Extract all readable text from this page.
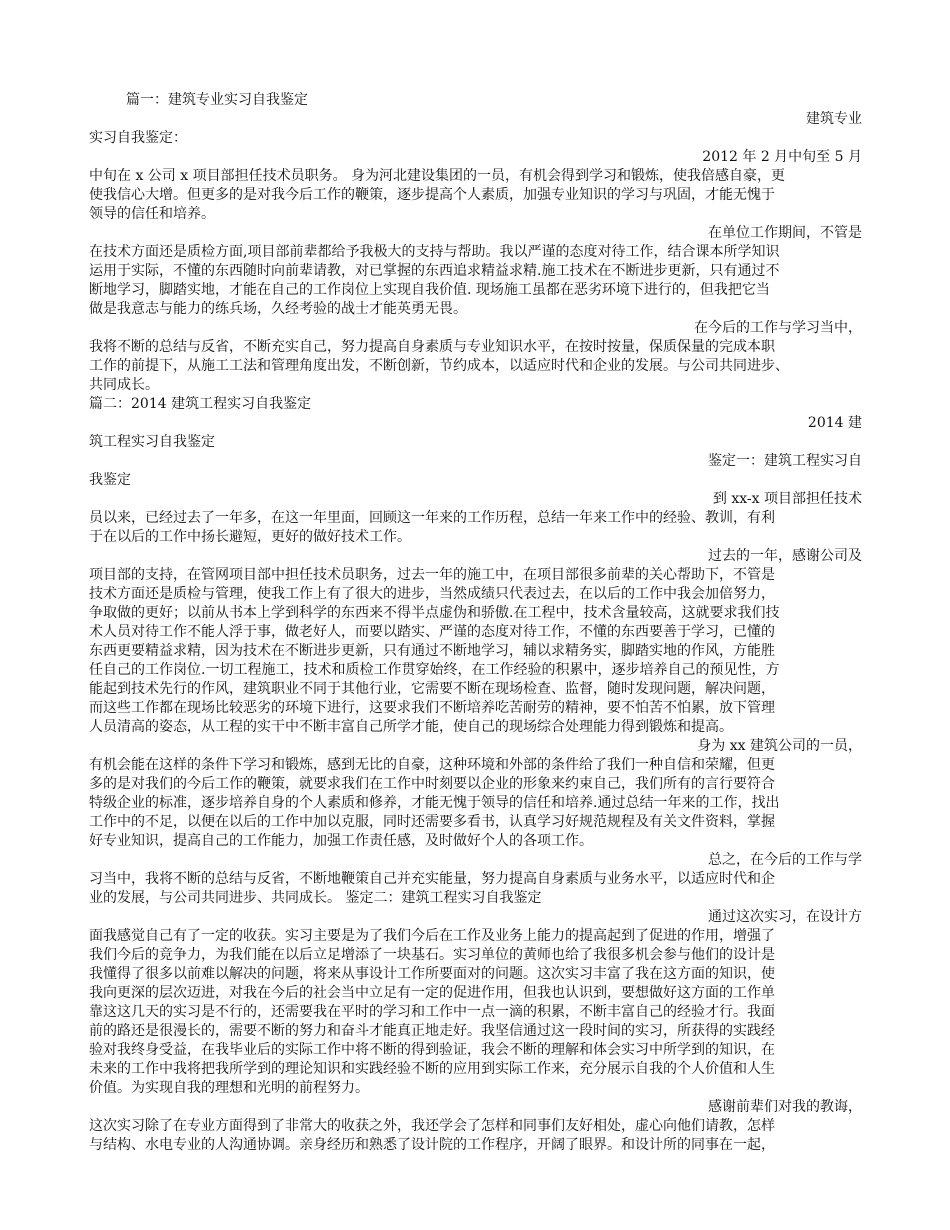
篇一：建筑专业实习自我鉴定
建筑专业
实习自我鉴定：
2012 年 2 月中旬至 5 月
中旬在 x 公司 x 项目部担任技术员职务。 身为河北建设集团的一员，有机会得到学习和锻炼，使我倍感自豪，更
使我信心大增。但更多的是对我今后工作的鞭策，逐步提高个人素质，加强专业知识的学习与巩固，才能无愧于
领导的信任和培养。
在单位工作期间，不管是
在技术方面还是质检方面,项目部前辈都给予我极大的支持与帮助。我以严谨的态度对待工作，结合课本所学知识
运用于实际，不懂的东西随时向前辈请教，对已掌握的东西追求精益求精.施工技术在不断进步更新，只有通过不
断地学习，脚踏实地，才能在自己的工作岗位上实现自我价值. 现场施工虽都在恶劣环境下进行的，但我把它当
做是我意志与能力的练兵场，久经考验的战士才能英勇无畏。
在今后的工作与学习当中，
我将不断的总结与反省，不断充实自己，努力提高自身素质与专业知识水平，在按时按量，保质保量的完成本职
工作的前提下，从施工工法和管理角度出发，不断创新，节约成本，以适应时代和企业的发展。与公司共同进步、
共同成长。
篇二：2014 建筑工程实习自我鉴定
2014 建
筑工程实习自我鉴定
鉴定一：建筑工程实习自
我鉴定
到 xx-x 项目部担任技术
员以来，已经过去了一年多，在这一年里面，回顾这一年来的工作历程，总结一年来工作中的经验、教训，有利
于在以后的工作中扬长避短，更好的做好技术工作。
过去的一年，感谢公司及
项目部的支持，在管网项目部中担任技术员职务，过去一年的施工中，在项目部很多前辈的关心帮助下，不管是
技术方面还是质检与管理，使我工作上有了很大的进步，当然成绩只代表过去，在以后的工作中我会加倍努力，
争取做的更好；以前从书本上学到科学的东西来不得半点虚伪和骄傲.在工程中，技术含量较高，这就要求我们技
术人员对待工作不能人浮于事，做老好人，而要以踏实、严谨的态度对待工作，不懂的东西要善于学习，已懂的
东西更要精益求精，因为技术在不断进步更新，只有通过不断地学习，辅以求精务实，脚踏实地的作风，方能胜
任自己的工作岗位.一切工程施工，技术和质检工作贯穿始终，在工作经验的积累中，逐步培养自己的预见性，方
能起到技术先行的作风，建筑职业不同于其他行业，它需要不断在现场检查、监督，随时发现问题，解决问题，
而这些工作都在现场比较恶劣的环境下进行，这要求我们不断培养吃苦耐劳的精神，要不怕苦不怕累，放下管理
人员清高的姿态，从工程的实干中不断丰富自己所学才能，使自己的现场综合处理能力得到锻炼和提高。
身为 xx 建筑公司的一员，
有机会能在这样的条件下学习和锻炼，感到无比的自豪，这种环境和外部的条件给了我们一种自信和荣耀，但更
多的是对我们的今后工作的鞭策，就要求我们在工作中时刻要以企业的形象来约束自己，我们所有的言行要符合
特级企业的标准，逐步培养自身的个人素质和修养，才能无愧于领导的信任和培养.通过总结一年来的工作，找出
工作中的不足，以便在以后的工作中加以克服，同时还需要多看书，认真学习好规范规程及有关文件资料，掌握
好专业知识，提高自己的工作能力，加强工作责任感，及时做好个人的各项工作。
总之，在今后的工作与学
习当中，我将不断的总结与反省，不断地鞭策自己并充实能量，努力提高自身素质与业务水平，以适应时代和企
业的发展，与公司共同进步、共同成长。 鉴定二：建筑工程实习自我鉴定
通过这次实习，在设计方
面我感觉自己有了一定的收获。实习主要是为了我们今后在工作及业务上能力的提高起到了促进的作用，增强了
我们今后的竞争力，为我们能在以后立足增添了一块基石。实习单位的黄师也给了我很多机会参与他们的设计是
我懂得了很多以前难以解决的问题，将来从事设计工作所要面对的问题。这次实习丰富了我在这方面的知识，使
我向更深的层次迈进，对我在今后的社会当中立足有一定的促进作用，但我也认识到，要想做好这方面的工作单
靠这这几天的实习是不行的，还需要我在平时的学习和工作中一点一滴的积累，不断丰富自己的经验才行。我面
前的路还是很漫长的，需要不断的努力和奋斗才能真正地走好。我坚信通过这一段时间的实习，所获得的实践经
验对我终身受益，在我毕业后的实际工作中将不断的得到验证，我会不断的理解和体会实习中所学到的知识，在
未来的工作中我将把我所学到的理论知识和实践经验不断的应用到实际工作来，充分展示自我的个人价值和人生
价值。为实现自我的理想和光明的前程努力。
感谢前辈们对我的教诲，
这次实习除了在专业方面得到了非常大的收获之外，我还学会了怎样和同事们友好相处，虚心向他们请教，怎样
与结构、水电专业的人沟通协调。亲身经历和熟悉了设计院的工作程序，开阔了眼界。和设计所的同事在一起，
